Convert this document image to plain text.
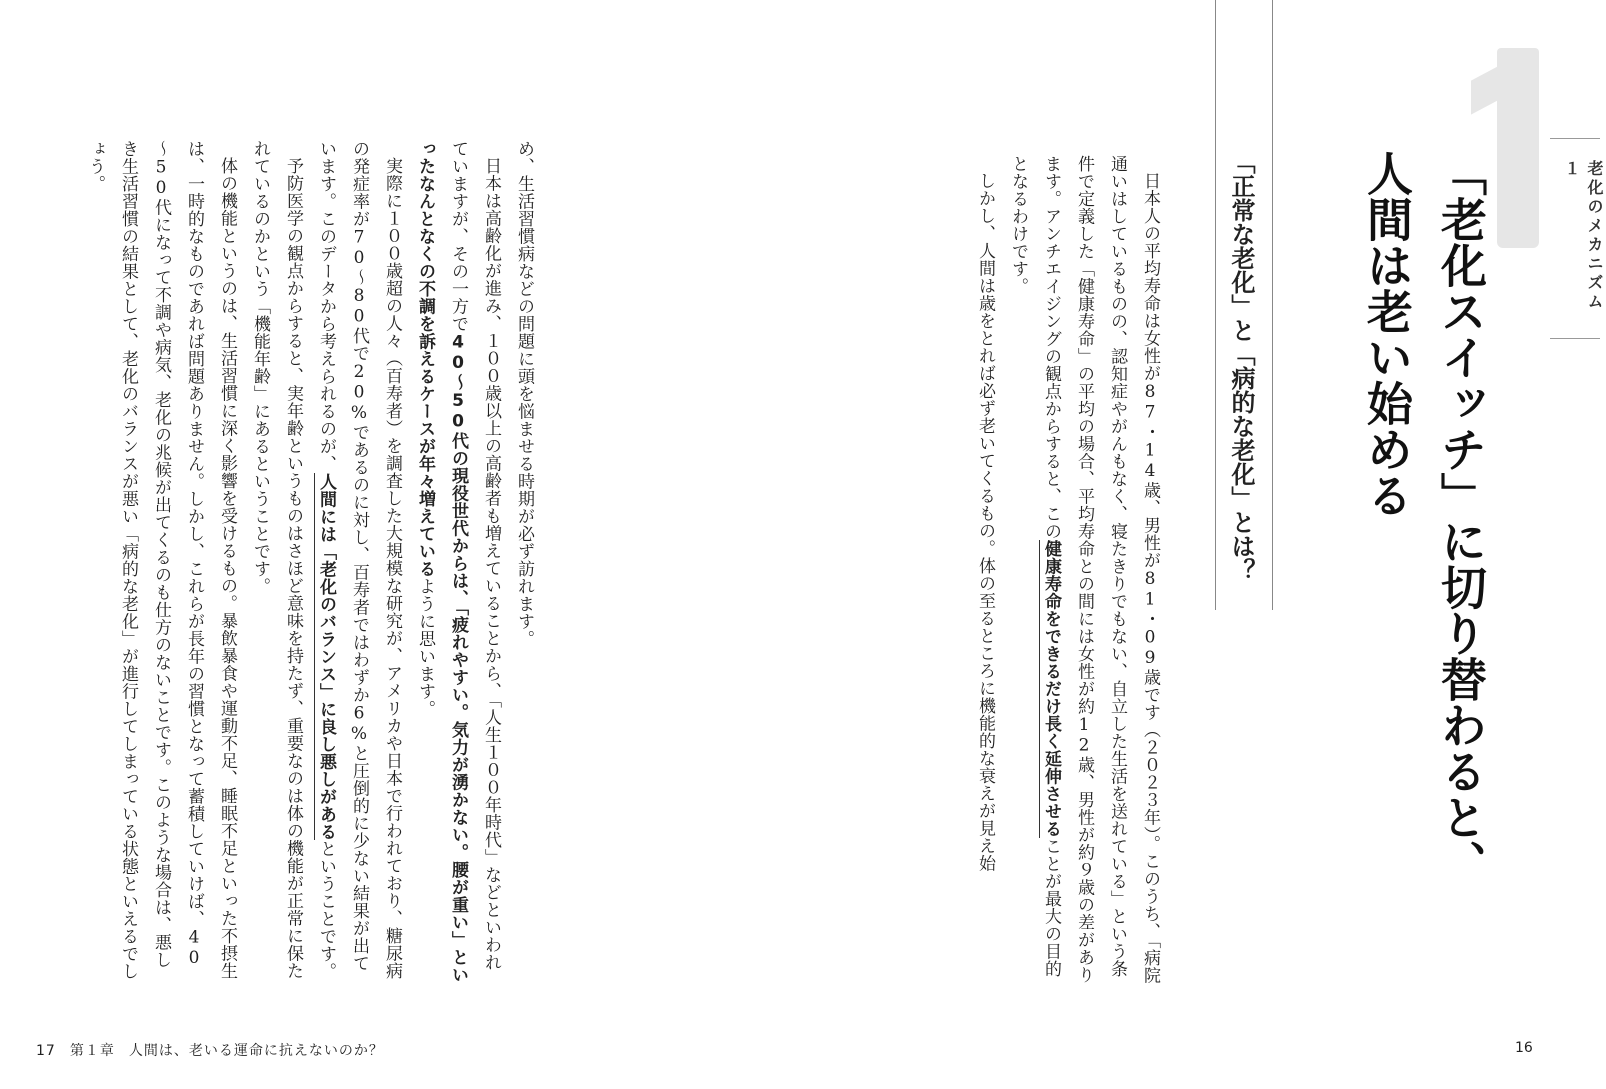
老化のメカニズム１
「老化スイッチ」に切り替わると、
人間は老い始める
「正常な老化」と「病的な老化」とは？

日本人の平均寿命は女性が87・14歳、男性が81・09歳です（２０２３年）。このうち、「病院通いはしているものの、認知症やがんもなく、寝たきりでもない、自立した生活を送れている」という条件で定義した「健康寿命」の平均の場合、平均寿命との間には女性が約12歳、男性が約９歳の差があります。アンチエイジングの観点からすると、この健康寿命をできるだけ長く延伸させることが最大の目的となるわけです。

しかし、人間は歳をとれば必ず老いてくるもの。体の至るところに機能的な衰えが見え始

16

め、生活習慣病などの問題に頭を悩ませる時期が必ず訪れます。

日本は高齢化が進み、１００歳以上の高齢者も増えていることから、「人生１００年時代」などといわれていますが、その一方で40～50代の現役世代からは、「疲れやすい。気力が湧かない。腰が重い」といったなんとなくの不調を訴えるケースが年々増えているように思います。

実際に１００歳超の人々（百寿者）を調査した大規模な研究が、アメリカや日本で行われており、糖尿病の発症率が70～80代で20%であるのに対し、百寿者ではわずか6%と圧倒的に少ない結果が出ています。このデータから考えられるのが、人間には「老化のバランス」に良し悪しがあるということです。

予防医学の観点からすると、実年齢というものはさほど意味を持たず、重要なのは体の機能が正常に保たれているのかという「機能年齢」にあるということです。

体の機能というのは、生活習慣に深く影響を受けるもの。暴飲暴食や運動不足、睡眠不足といった不摂生は、一時的なものであれば問題ありません。しかし、これらが長年の習慣となって蓄積していけば、40～50代になって不調や病気、老化の兆候が出てくるのも仕方のないことです。このような場合は、悪しき生活習慣の結果として、老化のバランスが悪い「病的な老化」が進行してしまっている状態といえるでしょう。

17 第１章 人間は、老いる運命に抗えないのか？
